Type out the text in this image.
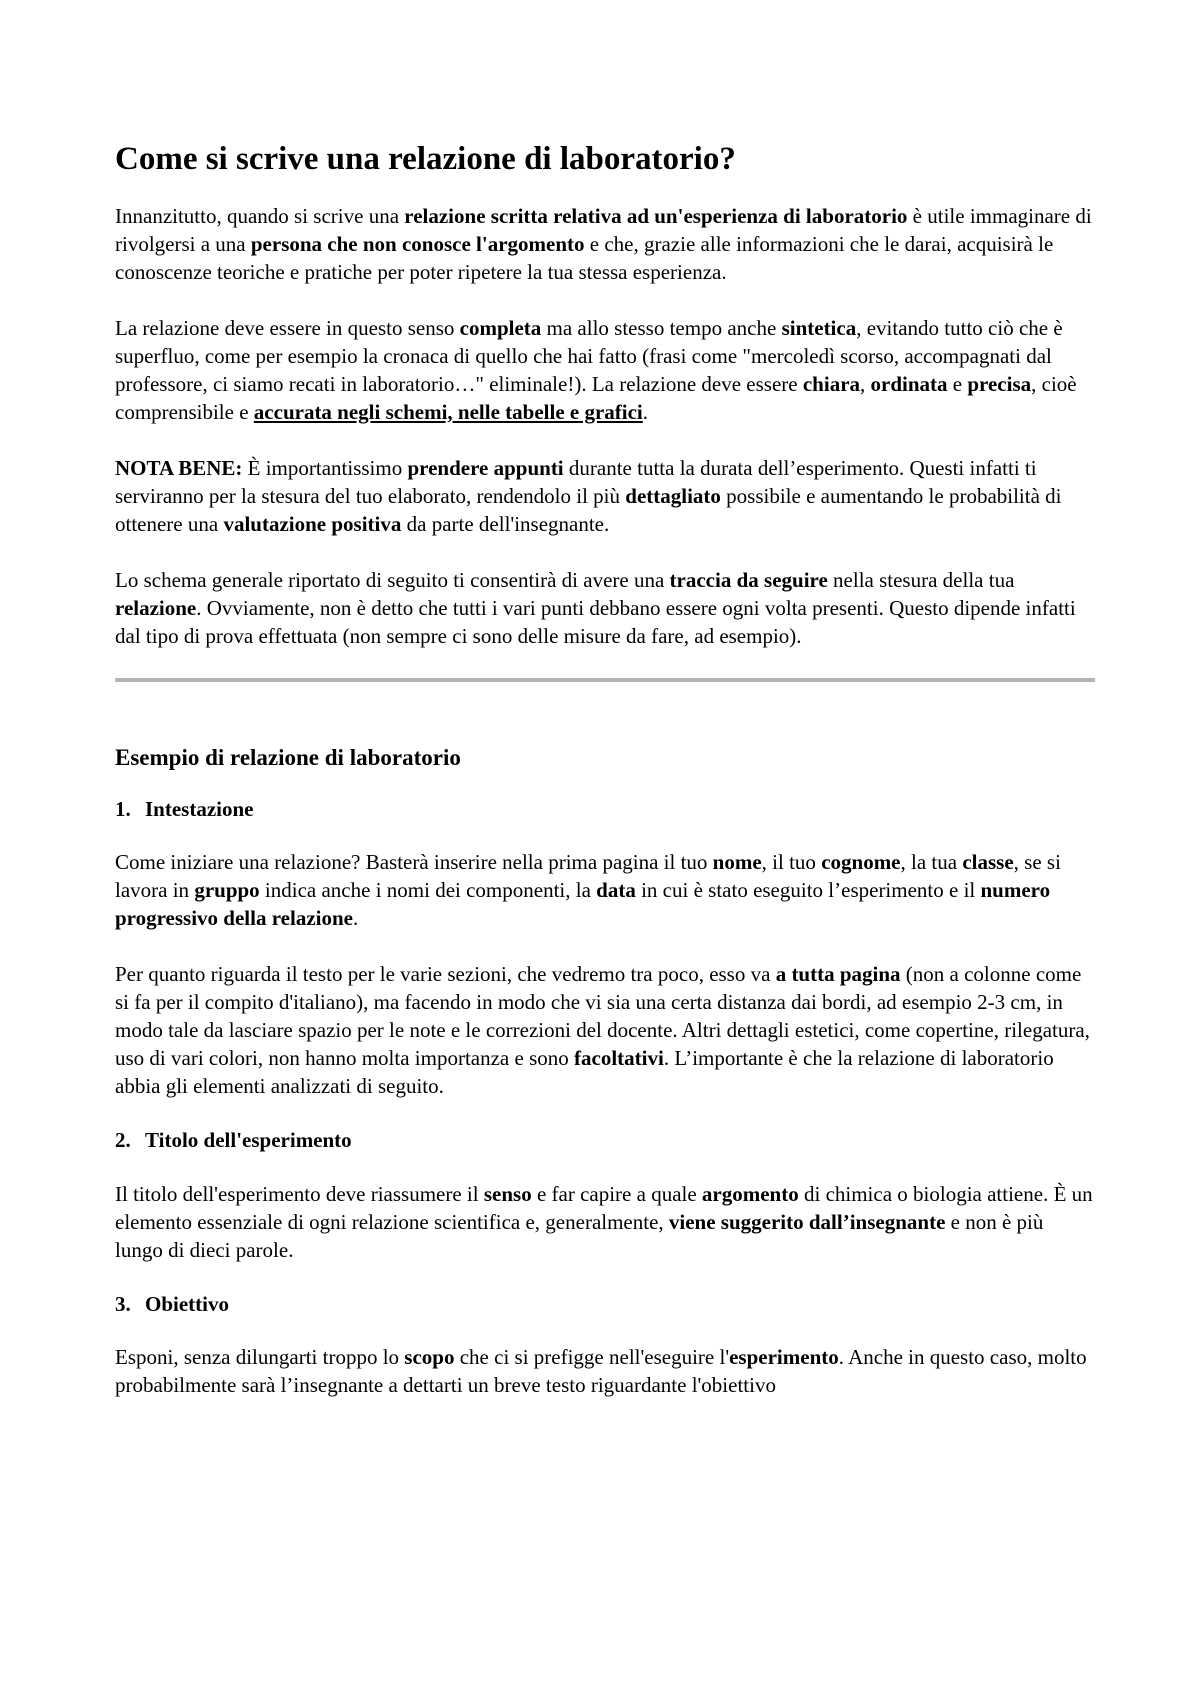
Come si scrive una relazione di laboratorio?

Innanzitutto, quando si scrive una relazione scritta relativa ad un'esperienza di laboratorio è utile immaginare di rivolgersi a una persona che non conosce l'argomento e che, grazie alle informazioni che le darai, acquisirà le conoscenze teoriche e pratiche per poter ripetere la tua stessa esperienza.

La relazione deve essere in questo senso completa ma allo stesso tempo anche sintetica, evitando tutto ciò che è superfluo, come per esempio la cronaca di quello che hai fatto (frasi come "mercoledì scorso, accompagnati dal professore, ci siamo recati in laboratorio…" eliminale!). La relazione deve essere chiara, ordinata e precisa, cioè comprensibile e accurata negli schemi, nelle tabelle e grafici.

NOTA BENE: È importantissimo prendere appunti durante tutta la durata dell’esperimento. Questi infatti ti serviranno per la stesura del tuo elaborato, rendendolo il più dettagliato possibile e aumentando le probabilità di ottenere una valutazione positiva da parte dell'insegnante.

Lo schema generale riportato di seguito ti consentirà di avere una traccia da seguire nella stesura della tua relazione. Ovviamente, non è detto che tutti i vari punti debbano essere ogni volta presenti. Questo dipende infatti dal tipo di prova effettuata (non sempre ci sono delle misure da fare, ad esempio).

Esempio di relazione di laboratorio
1. Intestazione

Come iniziare una relazione? Basterà inserire nella prima pagina il tuo nome, il tuo cognome, la tua classe, se si lavora in gruppo indica anche i nomi dei componenti, la data in cui è stato eseguito l’esperimento e il numero progressivo della relazione.

Per quanto riguarda il testo per le varie sezioni, che vedremo tra poco, esso va a tutta pagina (non a colonne come si fa per il compito d'italiano), ma facendo in modo che vi sia una certa distanza dai bordi, ad esempio 2-3 cm, in modo tale da lasciare spazio per le note e le correzioni del docente. Altri dettagli estetici, come copertine, rilegatura, uso di vari colori, non hanno molta importanza e sono facoltativi. L’importante è che la relazione di laboratorio abbia gli elementi analizzati di seguito.

2. Titolo dell'esperimento

Il titolo dell'esperimento deve riassumere il senso e far capire a quale argomento di chimica o biologia attiene. È un elemento essenziale di ogni relazione scientifica e, generalmente, viene suggerito dall’insegnante e non è più lungo di dieci parole.

3. Obiettivo

Esponi, senza dilungarti troppo lo scopo che ci si prefigge nell'eseguire l'esperimento. Anche in questo caso, molto probabilmente sarà l’insegnante a dettarti un breve testo riguardante l'obiettivo
